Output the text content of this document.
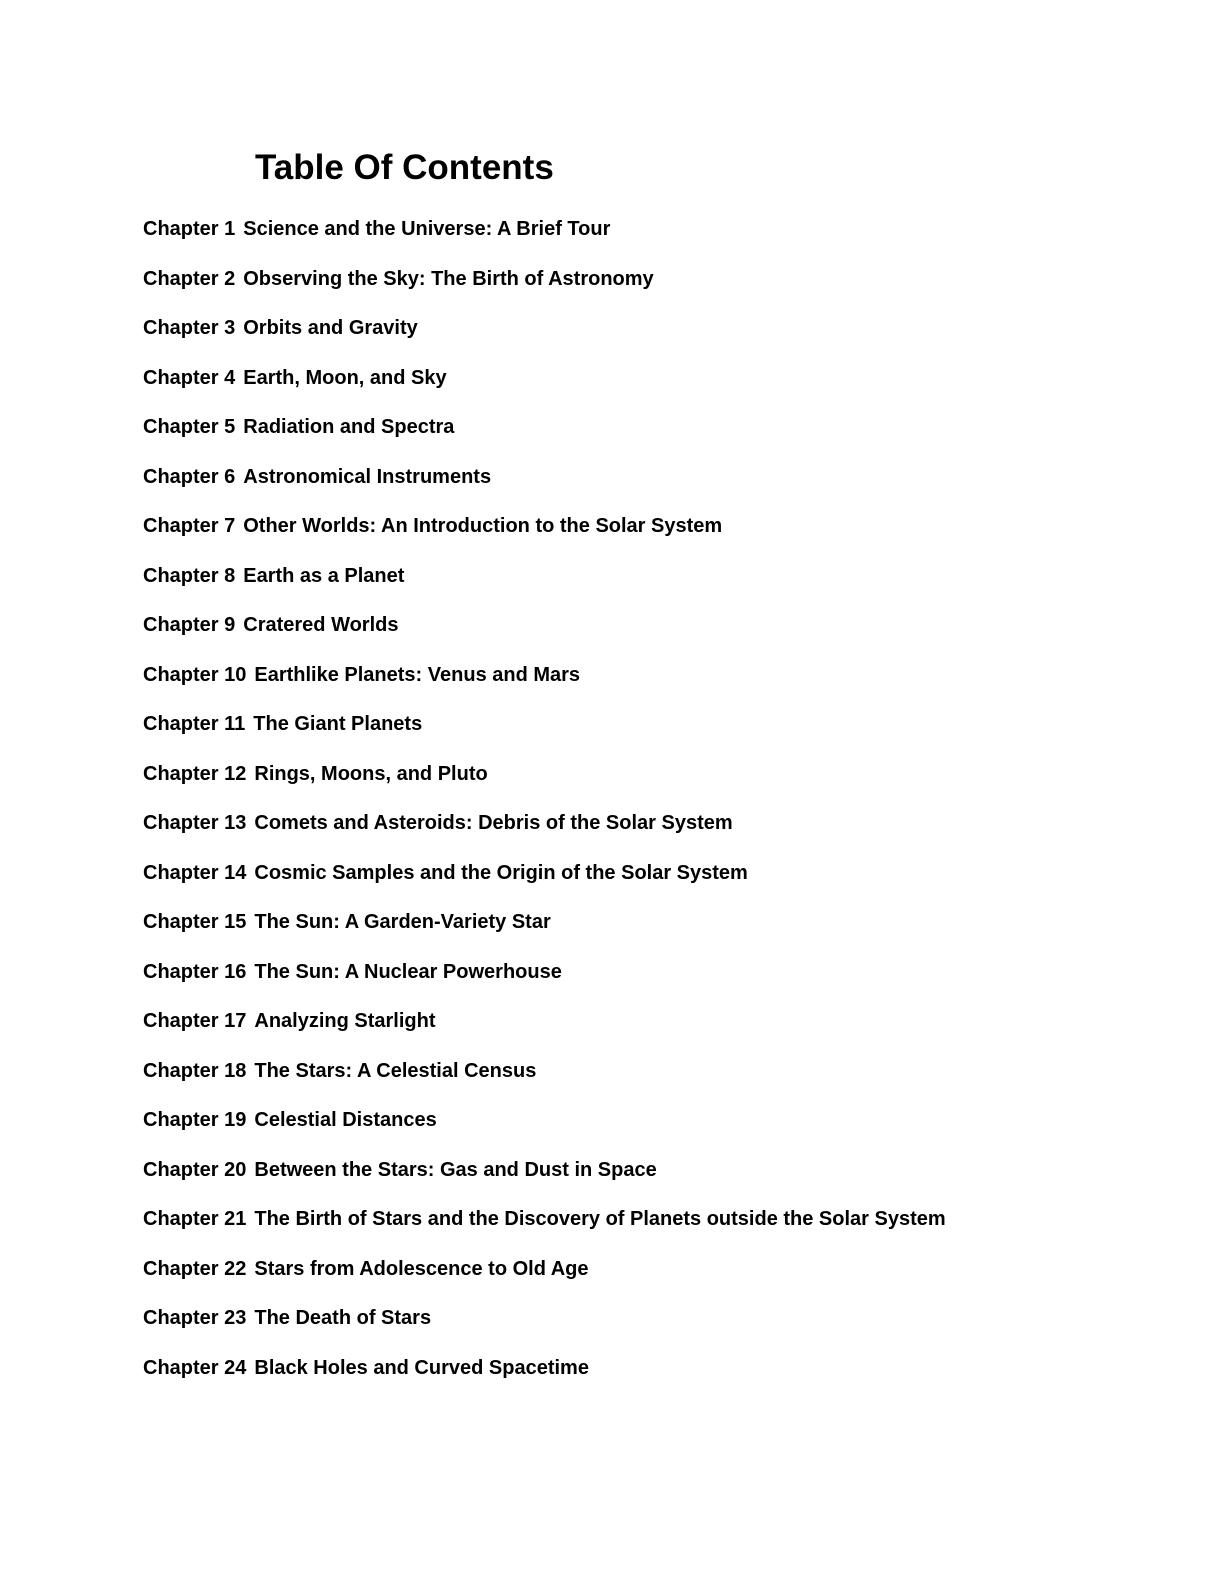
Table Of Contents
Chapter 1 Science and the Universe: A Brief Tour
Chapter 2 Observing the Sky: The Birth of Astronomy
Chapter 3 Orbits and Gravity
Chapter 4 Earth, Moon, and Sky
Chapter 5 Radiation and Spectra
Chapter 6 Astronomical Instruments
Chapter 7 Other Worlds: An Introduction to the Solar System
Chapter 8 Earth as a Planet
Chapter 9 Cratered Worlds
Chapter 10 Earthlike Planets: Venus and Mars
Chapter 11 The Giant Planets
Chapter 12 Rings, Moons, and Pluto
Chapter 13 Comets and Asteroids: Debris of the Solar System
Chapter 14 Cosmic Samples and the Origin of the Solar System
Chapter 15 The Sun: A Garden-Variety Star
Chapter 16 The Sun: A Nuclear Powerhouse
Chapter 17 Analyzing Starlight
Chapter 18 The Stars: A Celestial Census
Chapter 19 Celestial Distances
Chapter 20 Between the Stars: Gas and Dust in Space
Chapter 21 The Birth of Stars and the Discovery of Planets outside the Solar System
Chapter 22 Stars from Adolescence to Old Age
Chapter 23 The Death of Stars
Chapter 24 Black Holes and Curved Spacetime
